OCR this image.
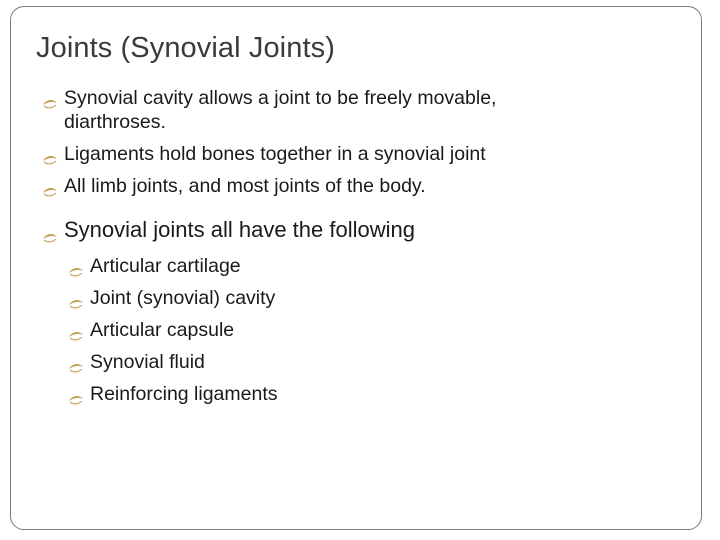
Joints (Synovial Joints)
Synovial cavity allows a joint to be freely movable,
diarthroses.
Ligaments hold bones together in a synovial joint
All limb joints, and most joints of the body.
Synovial joints all have the following
Articular cartilage
Joint (synovial) cavity
Articular capsule
Synovial fluid
Reinforcing ligaments
